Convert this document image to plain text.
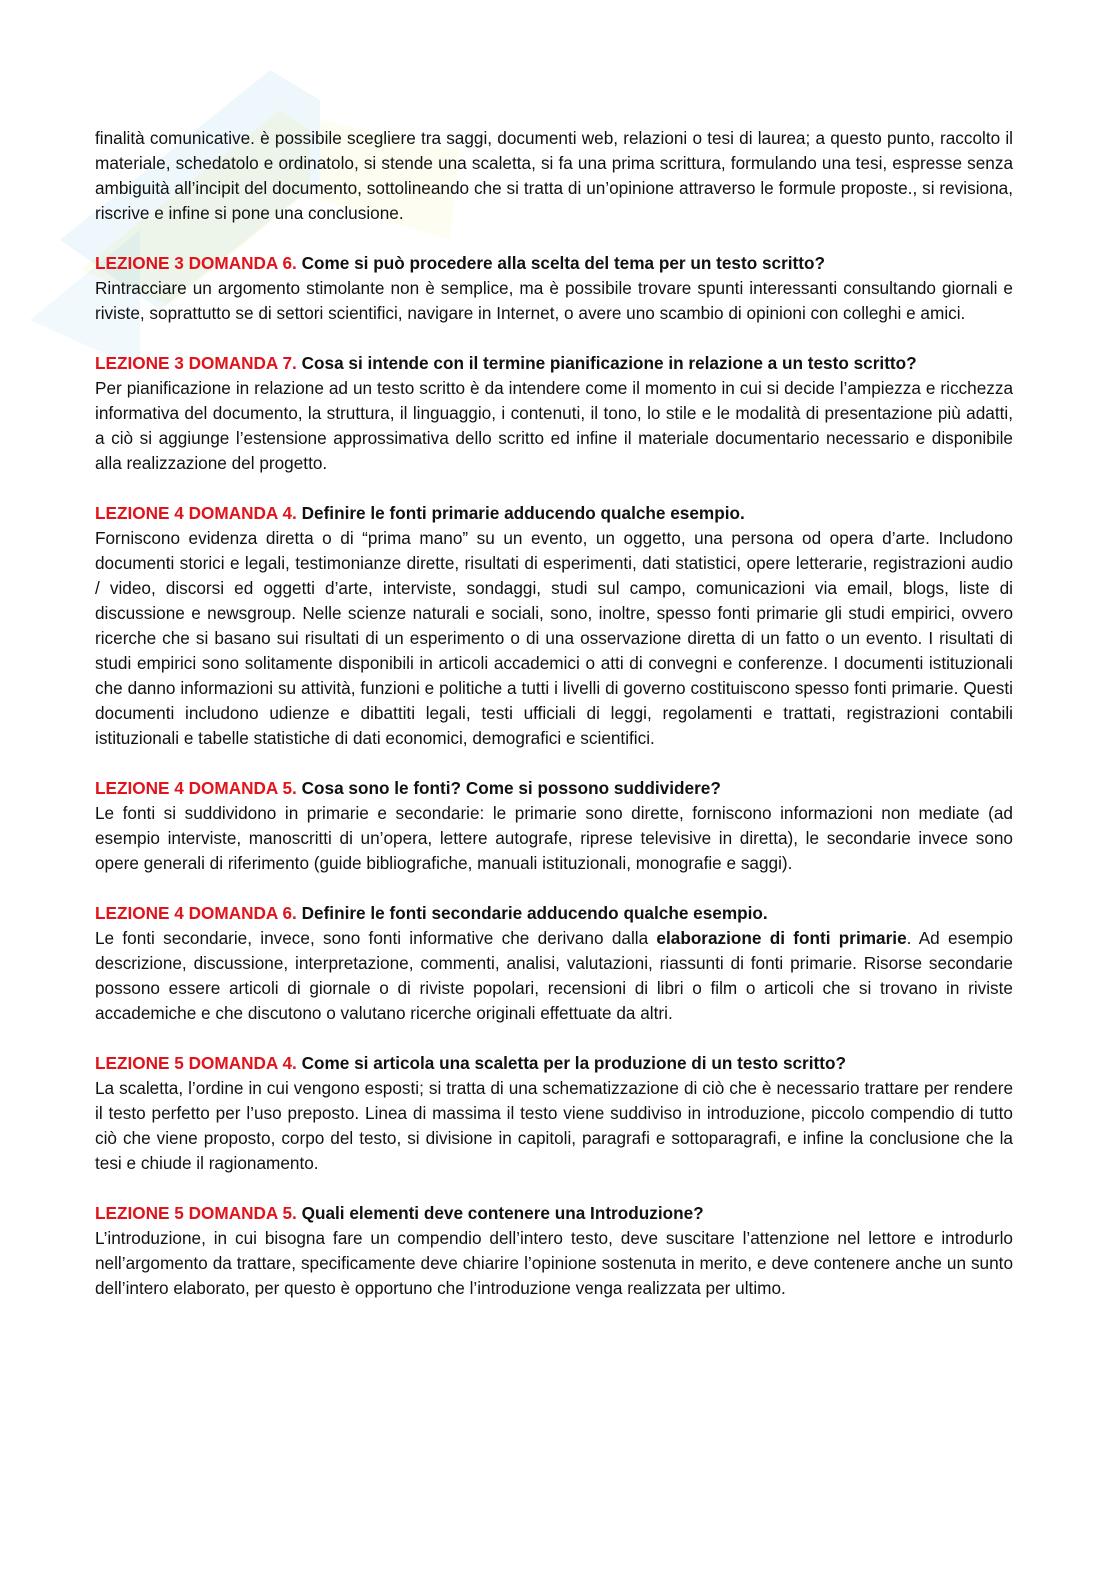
finalità comunicative. è possibile scegliere tra saggi, documenti web, relazioni o tesi di laurea; a questo punto, raccolto il materiale, schedatolo e ordinatolo, si stende una scaletta, si fa una prima scrittura, formulando una tesi, espresse senza ambiguità all’incipit del documento, sottolineando che si tratta di un’opinione attraverso le formule proposte., si revisiona, riscrive e infine si pone una conclusione.

LEZIONE 3 DOMANDA 6. Come si può procedere alla scelta del tema per un testo scritto?

Rintracciare un argomento stimolante non è semplice, ma è possibile trovare spunti interessanti consultando giornali e riviste, soprattutto se di settori scientifici, navigare in Internet, o avere uno scambio di opinioni con colleghi e amici.

LEZIONE 3 DOMANDA 7. Cosa si intende con il termine pianificazione in relazione a un testo scritto?

Per pianificazione in relazione ad un testo scritto è da intendere come il momento in cui si decide l’ampiezza e ricchezza informativa del documento, la struttura, il linguaggio, i contenuti, il tono, lo stile e le modalità di presentazione più adatti, a ciò si aggiunge l’estensione approssimativa dello scritto ed infine il materiale documentario necessario e disponibile alla realizzazione del progetto.

LEZIONE 4 DOMANDA 4. Definire le fonti primarie adducendo qualche esempio.

Forniscono evidenza diretta o di “prima mano” su un evento, un oggetto, una persona od opera d’arte. Includono documenti storici e legali, testimonianze dirette, risultati di esperimenti, dati statistici, opere letterarie, registrazioni audio / video, discorsi ed oggetti d’arte, interviste, sondaggi, studi sul campo, comunicazioni via email, blogs, liste di discussione e newsgroup. Nelle scienze naturali e sociali, sono, inoltre, spesso fonti primarie gli studi empirici, ovvero ricerche che si basano sui risultati di un esperimento o di una osservazione diretta di un fatto o un evento. I risultati di studi empirici sono solitamente disponibili in articoli accademici o atti di convegni e conferenze. I documenti istituzionali che danno informazioni su attività, funzioni e politiche a tutti i livelli di governo costituiscono spesso fonti primarie. Questi documenti includono udienze e dibattiti legali, testi ufficiali di leggi, regolamenti e trattati, registrazioni contabili istituzionali e tabelle statistiche di dati economici, demografici e scientifici.

LEZIONE 4 DOMANDA 5. Cosa sono le fonti? Come si possono suddividere?

Le fonti si suddividono in primarie e secondarie: le primarie sono dirette, forniscono informazioni non mediate (ad esempio interviste, manoscritti di un’opera, lettere autografe, riprese televisive in diretta), le secondarie invece sono opere generali di riferimento (guide bibliografiche, manuali istituzionali, monografie e saggi).

LEZIONE 4 DOMANDA 6. Definire le fonti secondarie adducendo qualche esempio.

Le fonti secondarie, invece, sono fonti informative che derivano dalla elaborazione di fonti primarie. Ad esempio descrizione, discussione, interpretazione, commenti, analisi, valutazioni, riassunti di fonti primarie. Risorse secondarie possono essere articoli di giornale o di riviste popolari, recensioni di libri o film o articoli che si trovano in riviste accademiche e che discutono o valutano ricerche originali effettuate da altri.

LEZIONE 5 DOMANDA 4. Come si articola una scaletta per la produzione di un testo scritto?

La scaletta, l’ordine in cui vengono esposti; si tratta di una schematizzazione di ciò che è necessario trattare per rendere il testo perfetto per l’uso preposto. Linea di massima il testo viene suddiviso in introduzione, piccolo compendio di tutto ciò che viene proposto, corpo del testo, si divisione in capitoli, paragrafi e sottoparagrafi, e infine la conclusione che la tesi e chiude il ragionamento.

LEZIONE 5 DOMANDA 5. Quali elementi deve contenere una Introduzione?

L’introduzione, in cui bisogna fare un compendio dell’intero testo, deve suscitare l’attenzione nel lettore e introdurlo nell’argomento da trattare, specificamente deve chiarire l’opinione sostenuta in merito, e deve contenere anche un sunto dell’intero elaborato, per questo è opportuno che l’introduzione venga realizzata per ultimo.
